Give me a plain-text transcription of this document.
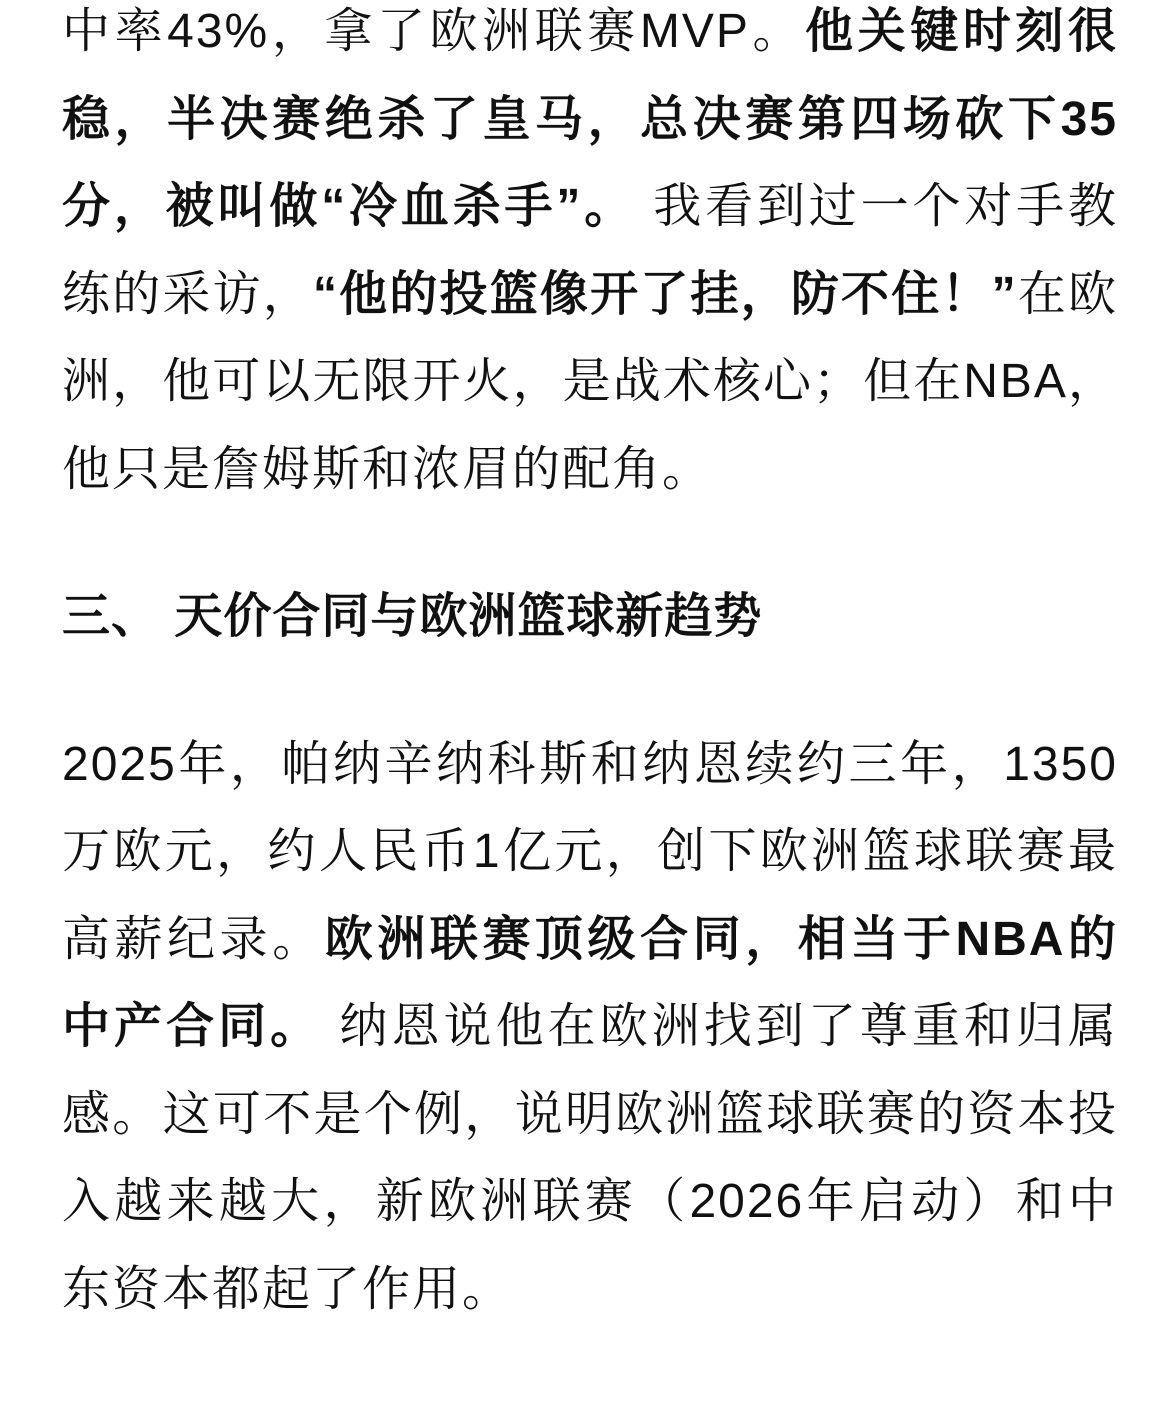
中率43%，拿了欧洲联赛MVP。他关键时刻很稳，半决赛绝杀了皇马，总决赛第四场砍下35分，被叫做“冷血杀手”。 我看到过一个对手教练的采访，“他的投篮像开了挂，防不住！”在欧洲，他可以无限开火，是战术核心；但在NBA，他只是詹姆斯和浓眉的配角。

三、 天价合同与欧洲篮球新趋势

2025年，帕纳辛纳科斯和纳恩续约三年，1350万欧元，约人民币1亿元，创下欧洲篮球联赛最高薪纪录。欧洲联赛顶级合同，相当于NBA的中产合同。 纳恩说他在欧洲找到了尊重和归属感。这可不是个例，说明欧洲篮球联赛的资本投入越来越大，新欧洲联赛（2026年启动）和中东资本都起了作用。
